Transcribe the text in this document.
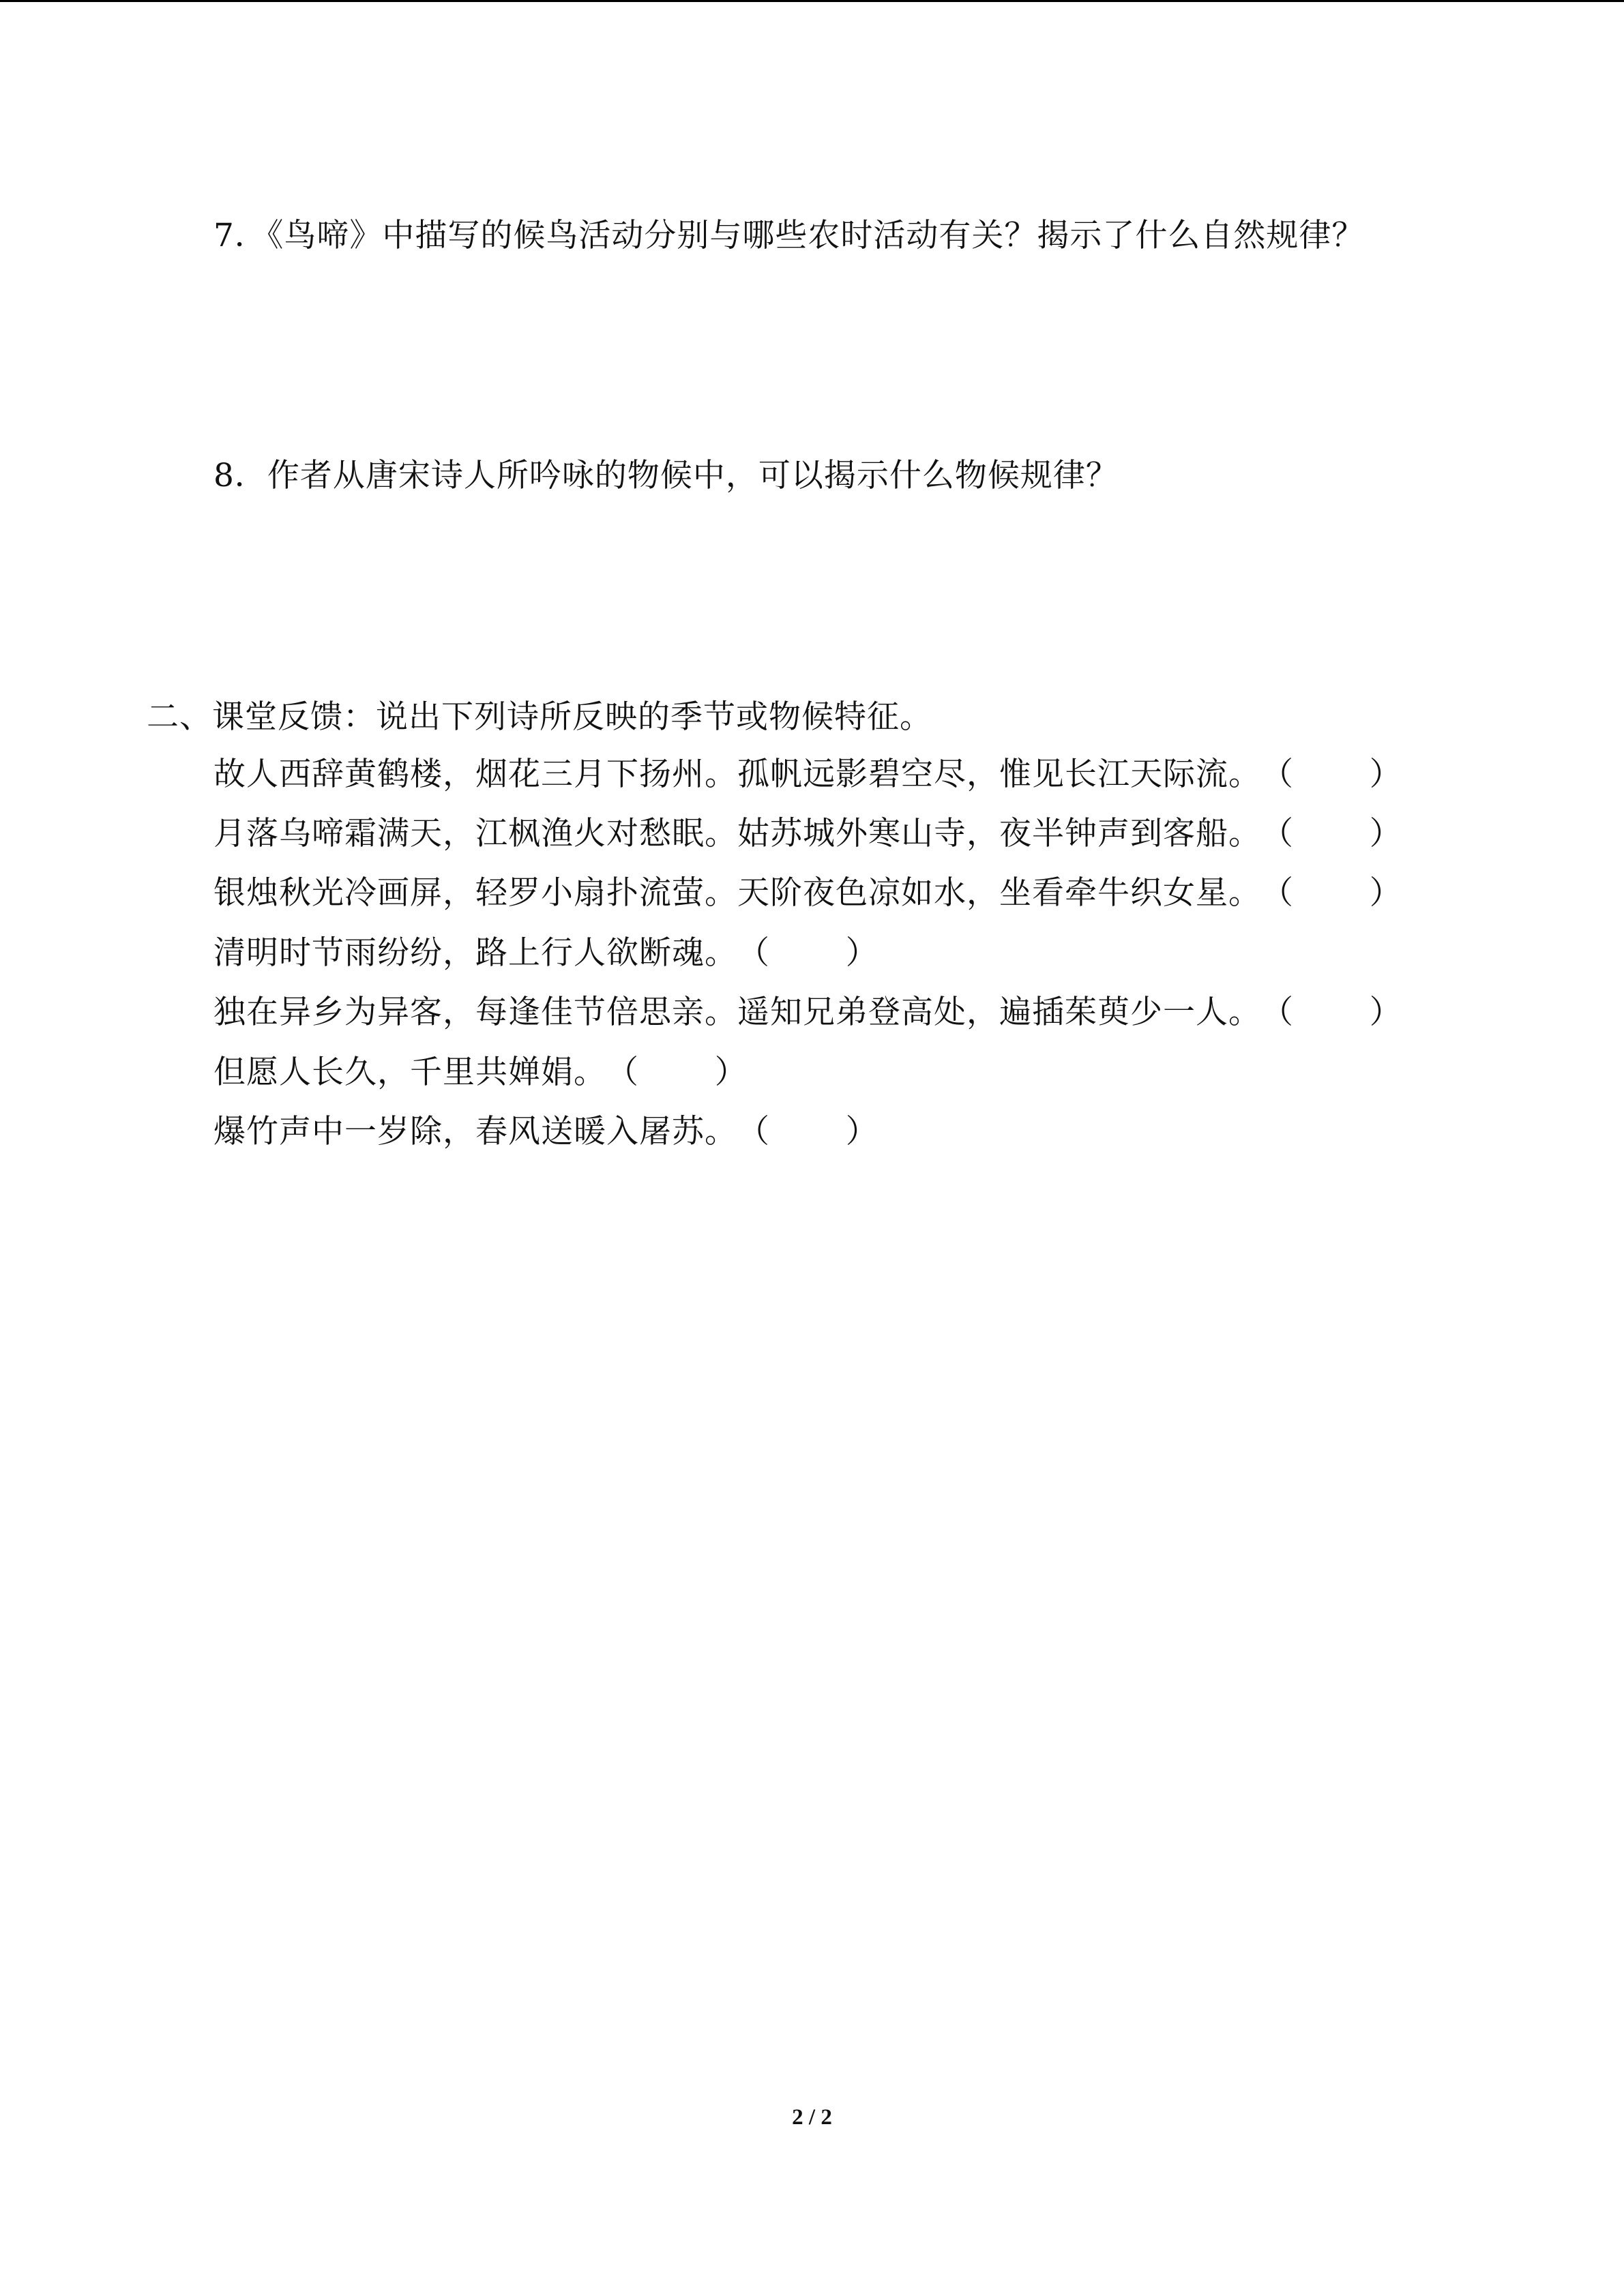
7．《鸟啼》中描写的候鸟活动分别与哪些农时活动有关？揭示了什么自然规律？
8．作者从唐宋诗人所吟咏的物候中，可以揭示什么物候规律？
二、课堂反馈：说出下列诗所反映的季节或物候特征。
故人西辞黄鹤楼，烟花三月下扬州。孤帆远影碧空尽，惟见长江天际流。 （ ）

月落乌啼霜满天，江枫渔火对愁眠。姑苏城外寒山寺，夜半钟声到客船。 （ ）

银烛秋光冷画屏，轻罗小扇扑流萤。天阶夜色凉如水，坐看牵牛织女星。 （ ）

清明时节雨纷纷，路上行人欲断魂。 （ ）

独在异乡为异客，每逢佳节倍思亲。遥知兄弟登高处，遍插茱萸少一人。 （ ）

但愿人长久，千里共婵娟。 （ ）

爆竹声中一岁除，春风送暖入屠苏。 （ ）

2 / 2
